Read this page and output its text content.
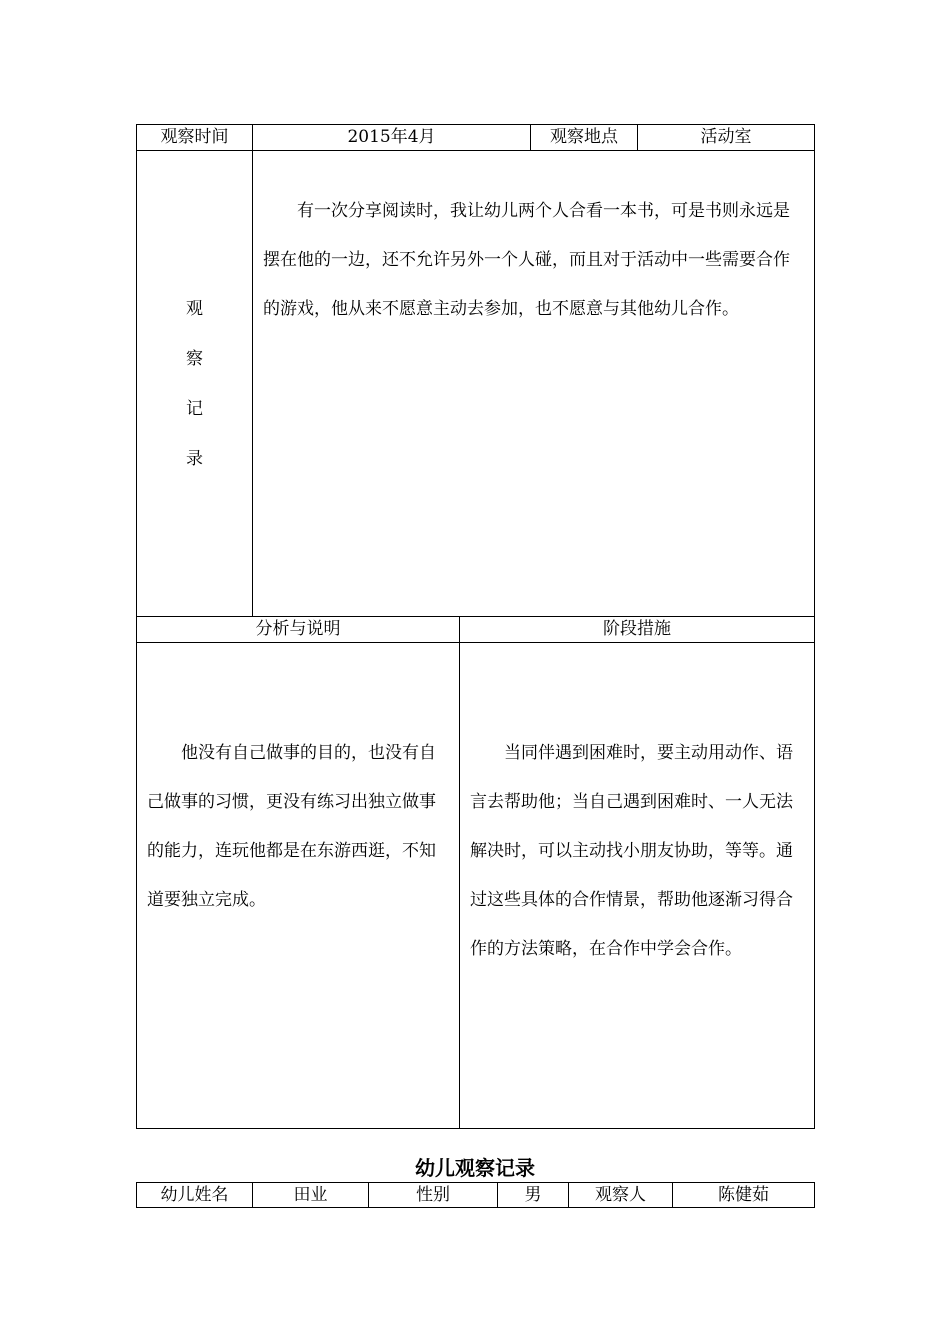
观察时间	2015年4月		观察地点	活动室

观
察
记
录	有一次分享阅读时，我让幼儿两个人合看一本书，可是书则永远是摆在他的一边，还不允许另外一个人碰，而且对于活动中一些需要合作的游戏，他从来不愿意主动去参加，也不愿意与其他幼儿合作。			

分析与说明		阶段措施		

他没有自己做事的目的，也没有自己做事的习惯，更没有练习出独立做事的能力，连玩他都是在东游西逛，不知道要独立完成。		当同伴遇到困难时，要主动用动作、语言去帮助他；当自己遇到困难时、一人无法解决时，可以主动找小朋友协助，等等。通过这些具体的合作情景，帮助他逐渐习得合作的方法策略，在合作中学会合作。		
幼儿观察记录
幼儿姓名	田业	性别	男	观察人	陈健茹
